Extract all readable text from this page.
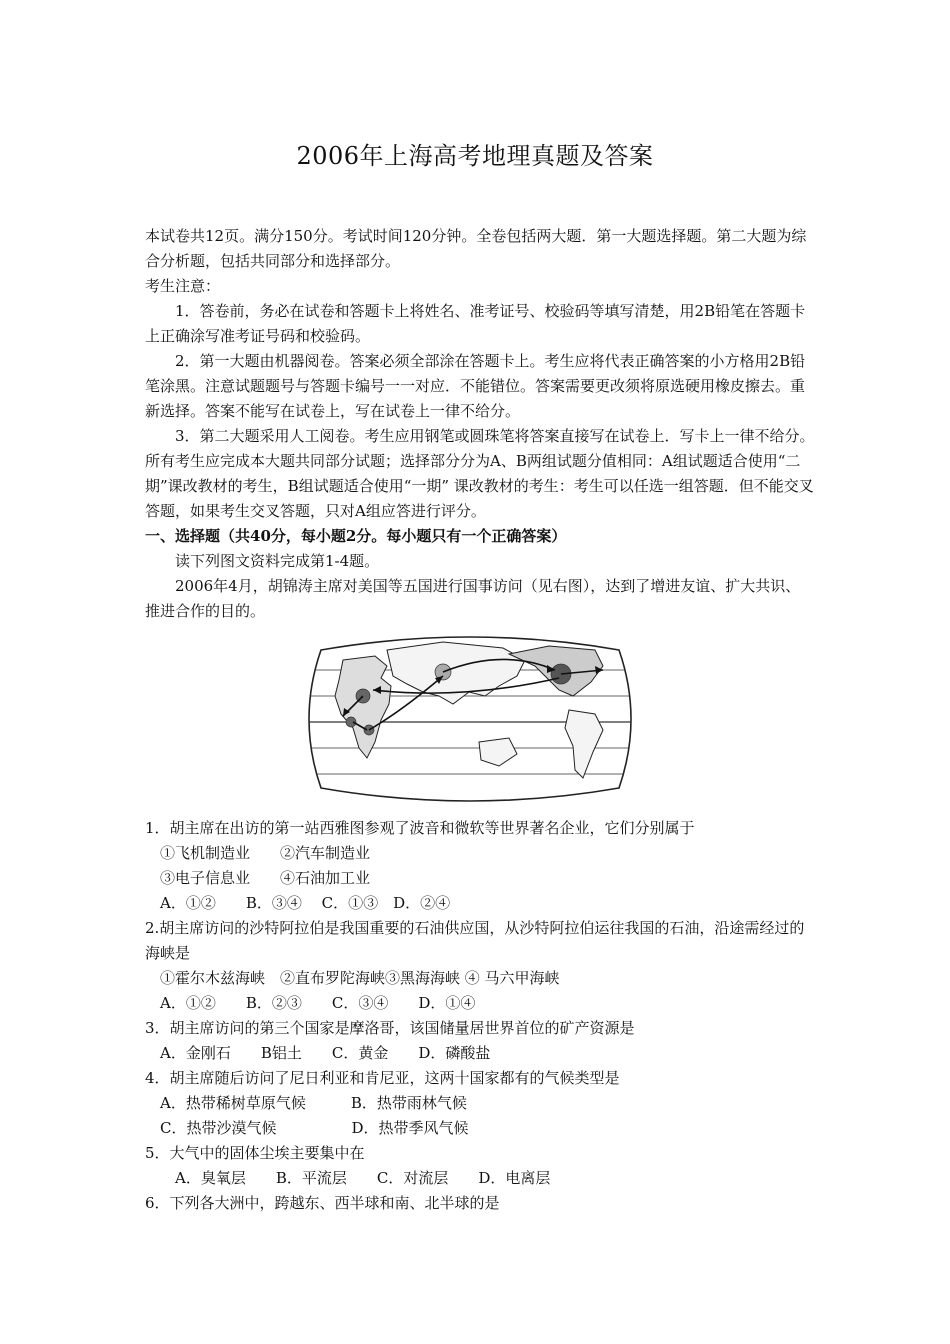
2006年上海高考地理真题及答案

本试卷共12页。满分150分。考试时间120分钟。全卷包括两大题．第一大题选择题。第二大题为综合分析题，包括共同部分和选择部分。

考生注意：

1．答卷前，务必在试卷和答题卡上将姓名、准考证号、校验码等填写清楚，用2B铅笔在答题卡上正确涂写准考证号码和校验码。

2．第一大题由机器阅卷。答案必须全部涂在答题卡上。考生应将代表正确答案的小方格用2B铅笔涂黑。注意试题题号与答题卡编号一一对应．不能错位。答案需要更改须将原选硬用橡皮擦去。重新选择。答案不能写在试卷上，写在试卷上一律不给分。

3．第二大题采用人工阅卷。考生应用钢笔或圆珠笔将答案直接写在试卷上．写卡上一律不给分。所有考生应完成本大题共同部分试题；选择部分分为A、B两组试题分值相同：A组试题适合使用“二期”课改教材的考生，B组试题适合使用“一期” 课改教材的考生：考生可以任选一组答题．但不能交叉答题，如果考生交叉答题，只对A组应答进行评分。

一、选择题（共40分，每小题2分。每小题只有一个正确答案）

读下列图文资料完成第1-4题。

2006年4月，胡锦涛主席对美国等五国进行国事访问（见右图），达到了增进友谊、扩大共识、推进合作的目的。

1．胡主席在出访的第一站西雅图参观了波音和微软等世界著名企业，它们分别属于

①飞机制造业　　②汽车制造业

③电子信息业　　④石油加工业

A．①②　　B．③④　 C．①③　D．②④

2.胡主席访问的沙特阿拉伯是我国重要的石油供应国，从沙特阿拉伯运往我国的石油，沿途需经过的海峡是

①霍尔木兹海峡　②直布罗陀海峡③黑海海峡 ④ 马六甲海峡

A．①②　　B．②③　　C．③④　　D．①④

3．胡主席访问的第三个国家是摩洛哥，该国储量居世界首位的矿产资源是

A．金刚石　　B铝土　　C．黄金　　D．磷酸盐

4．胡主席随后访问了尼日利亚和肯尼亚，这两十国家都有的气候类型是

A．热带稀树草原气候　　　B．热带雨林气候

C．热带沙漠气候　　　　　D．热带季风气候

5．大气中的固体尘埃主要集中在

A．臭氧层　　B．平流层　　C．对流层　　D．电离层

6．下列各大洲中，跨越东、西半球和南、北半球的是
